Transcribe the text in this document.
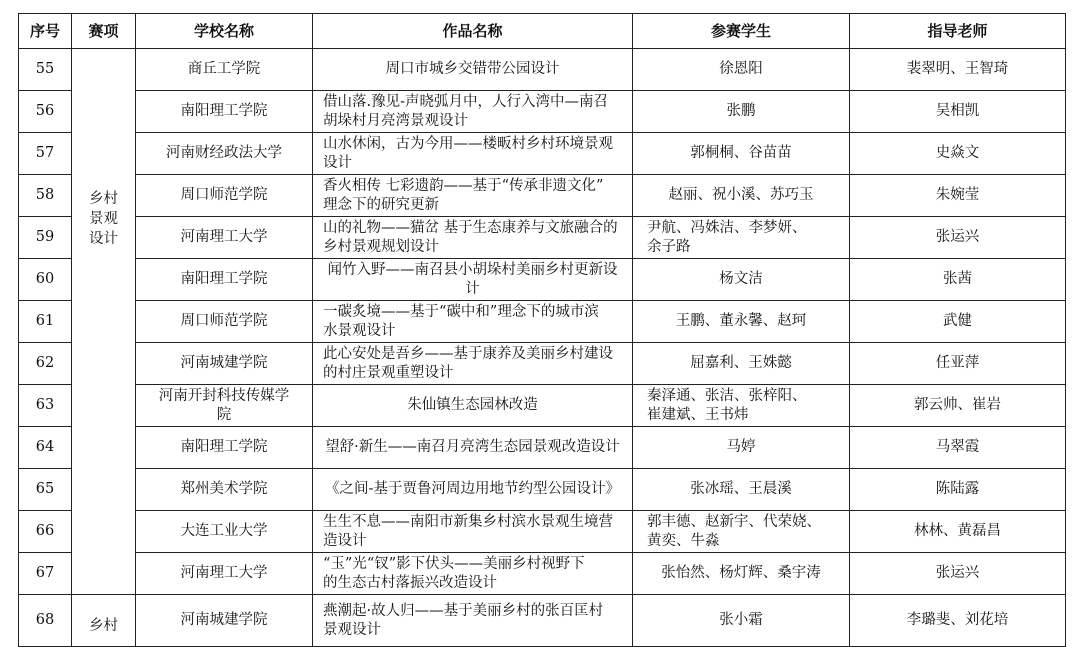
序号	赛项	学校名称	作品名称	参赛学生	指导老师
55	乡村
景观
设计	商丘工学院	周口市城乡交错带公园设计	徐恩阳	裴翠明、王智琦
56		南阳理工学院	借山落.豫见-声晓弧月中，人行入湾中—南召
胡垛村月亮湾景观设计	张鹏	吴相凯
57		河南财经政法大学	山水休闲，古为今用——楼畈村乡村环境景观
设计	郭桐桐、谷苗苗	史焱文
58		周口师范学院	香火相传 七彩遗韵——基于“传承非遗文化”
理念下的研究更新	赵丽、祝小溪、苏巧玉	朱婉莹
59		河南理工大学	山的礼物——猫岔 基于生态康养与文旅融合的
乡村景观规划设计	尹航、冯姝洁、李梦妍、
余子路	张运兴
60		南阳理工学院	闻竹入野——南召县小胡垛村美丽乡村更新设计	杨文洁	张茜
61		周口师范学院	一碳炙境——基于“碳中和”理念下的城市滨
水景观设计	王鹏、董永馨、赵珂	武健
62		河南城建学院	此心安处是吾乡——基于康养及美丽乡村建设
的村庄景观重塑设计	屈嘉利、王姝懿	任亚萍
63		河南开封科技传媒学
院	朱仙镇生态园林改造	秦泽通、张洁、张梓阳、
崔建斌、王书炜	郭云帅、崔岩
64		南阳理工学院	望舒·新生——南召月亮湾生态园景观改造设计	马婷	马翠霞
65		郑州美术学院	《之间-基于贾鲁河周边用地节约型公园设计》	张冰瑶、王晨溪	陈陆露
66		大连工业大学	生生不息——南阳市新集乡村滨水景观生境营
造设计	郭丰德、赵新宇、代荣娆、
黄奕、牛淼	林林、黄磊昌
67		河南理工大学	“玉”光“钗”影下伏头——美丽乡村视野下
的生态古村落振兴改造设计	张怡然、杨灯辉、桑宇涛	张运兴
68	乡村	河南城建学院	燕潮起·故人归——基于美丽乡村的张百匡村
景观设计	张小霜	李璐斐、刘花培
